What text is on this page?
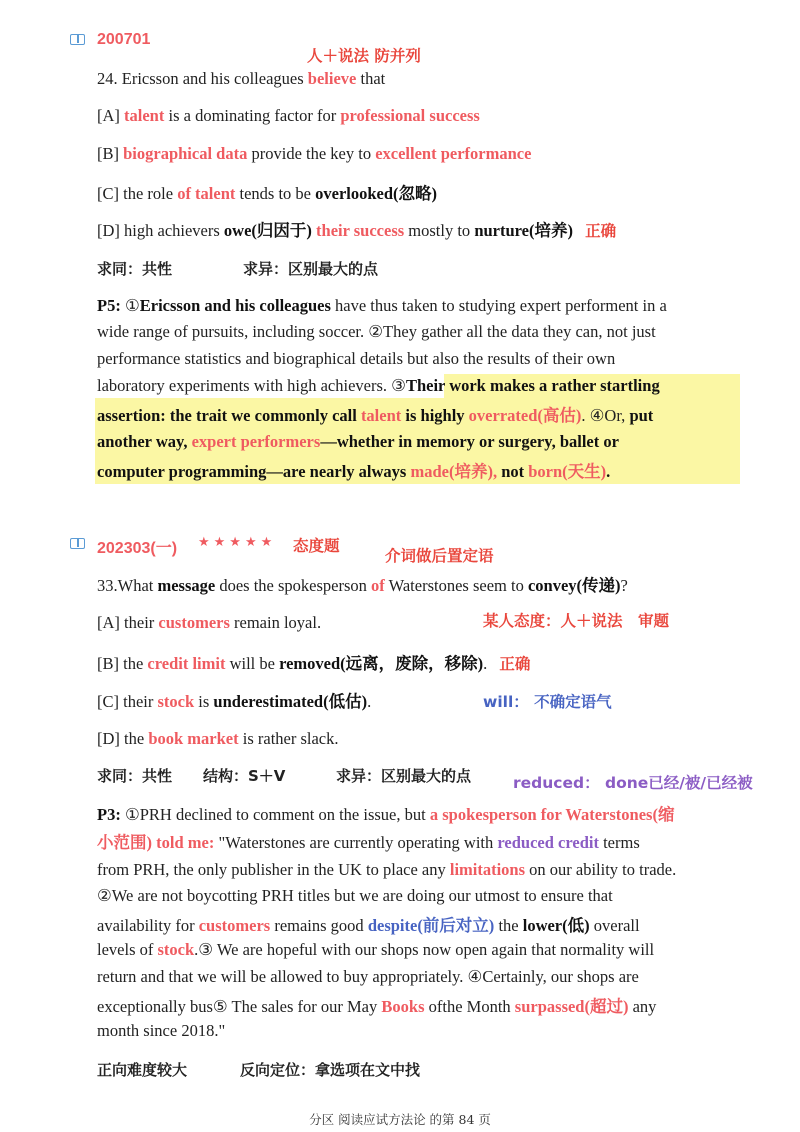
200701
人＋说法 防并列
24. Ericsson and his colleagues believe that
[A] talent is a dominating factor for professional success
[B] biographical data provide the key to excellent performance
[C] the role of talent tends to be overlooked(忽略)
[D] high achievers owe(归因于) their success mostly to nurture(培养) 正确
求同：共性	求异：区别最大的点
P5: ①Ericsson and his colleagues have thus taken to studying expert performent in a
wide range of pursuits, including soccer. ②They gather all the data they can, not just
performance statistics and biographical details but also the results of their own
laboratory experiments with high achievers. ③Their work makes a rather startling
assertion: the trait we commonly call talent is highly overrated(高估). ④Or, put
another way, expert performers—whether in memory or surgery, ballet or
computer programming—are nearly always made(培养), not born(天生).
202303(一) ★★★★★ 态度题
介词做后置定语
33.What message does the spokesperson of Waterstones seem to convey(传递)?
[A] their customers remain loyal.	某人态度：人＋说法　审题
[B] the credit limit will be removed(远离，废除，移除). 正确
[C] their stock is underestimated(低估).	will： 不确定语气
[D] the book market is rather slack.
求同：共性 结构：S＋V	求异：区别最大的点	reduced： done已经/被/已经被
P3: ①PRH declined to comment on the issue, but a spokesperson for Waterstones(缩
小范围) told me: "Waterstones are currently operating with reduced credit terms
from PRH, the only publisher in the UK to place any limitations on our ability to trade.
②We are not boycotting PRH titles but we are doing our utmost to ensure that
availability for customers remains good despite(前后对立) the lower(低) overall
levels of stock.③ We are hopeful with our shops now open again that normality will
return and that we will be allowed to buy appropriately. ④Certainly, our shops are
exceptionally bus⑤ The sales for our May Books ofthe Month surpassed(超过) any
month since 2018."
正向难度较大	反向定位：拿选项在文中找
分区 阅读应试方法论 的第 84 页
